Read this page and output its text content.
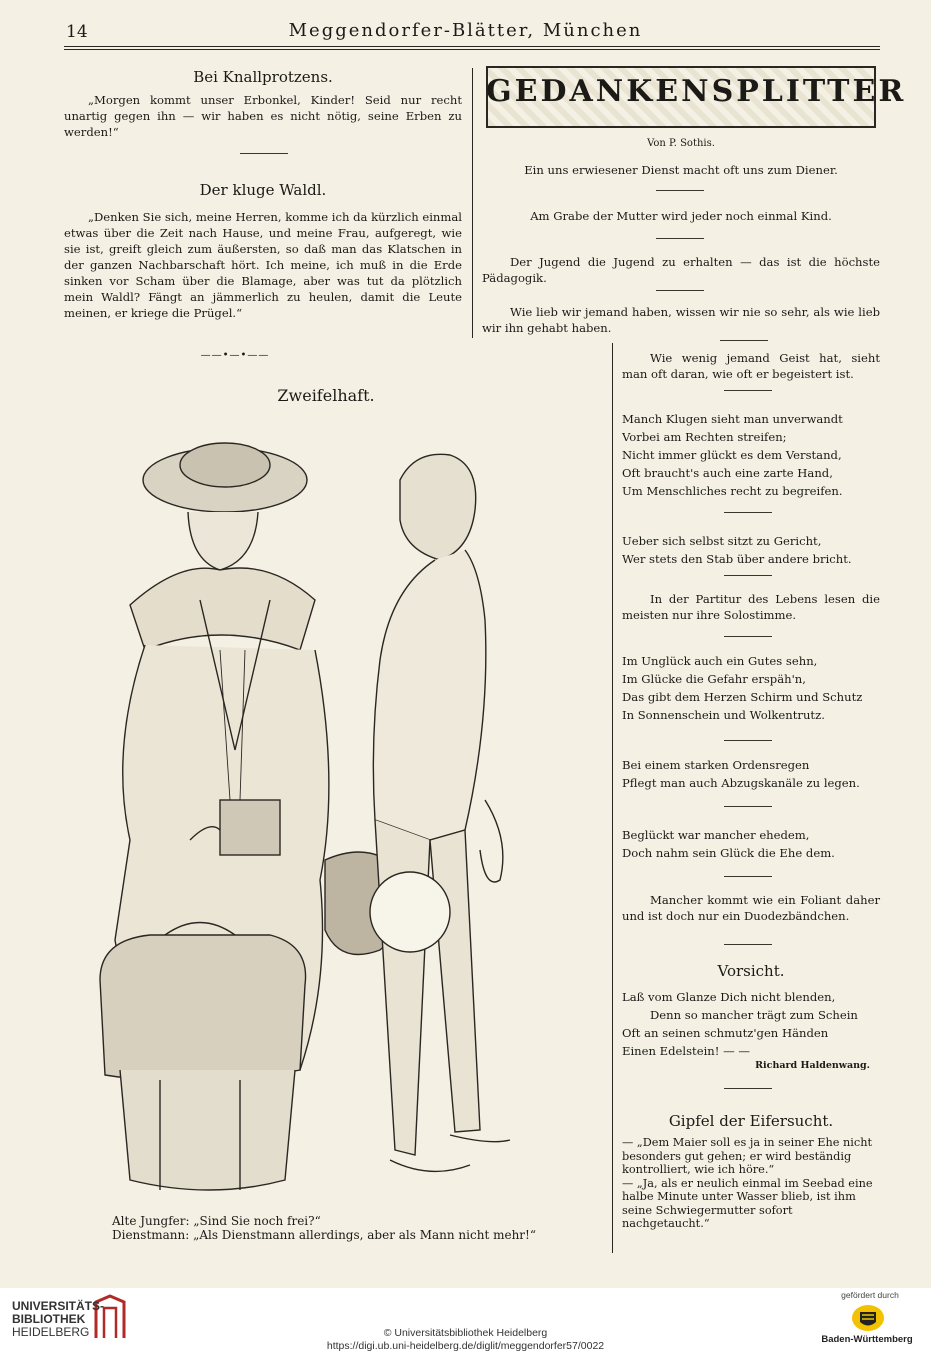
14	Meggendorfer-Blätter, München
Bei Knallprotzens.
„Morgen kommt unser Erbonkel, Kinder! Seid nur recht unartig gegen ihn — wir haben es nicht nötig, seine Erben zu werden!“
Der kluge Waldl.
„Denken Sie sich, meine Herren, komme ich da kürzlich einmal etwas über die Zeit nach Hause, und meine Frau, aufgeregt, wie sie ist, greift gleich zum äußersten, so daß man das Klatschen in der ganzen Nachbarschaft hört. Ich meine, ich muß in die Erde sinken vor Scham über die Blamage, aber was tut da plötzlich mein Waldl? Fängt an jämmerlich zu heulen, damit die Leute meinen, er kriege die Prügel.“
——•—•——
Zweifelhaft.
Alte Jungfer: „Sind Sie noch frei?“
Dienstmann: „Als Dienstmann allerdings, aber als Mann nicht mehr!“
GEDANKENSPLITTER
Von P. Sothis.
Ein uns erwiesener Dienst macht oft uns zum Diener.
Am Grabe der Mutter wird jeder noch einmal Kind.
Der Jugend die Jugend zu erhalten — das ist die höchste Pädagogik.
Wie lieb wir jemand haben, wissen wir nie so sehr, als wie lieb wir ihn gehabt haben.
Wie wenig jemand Geist hat, sieht man oft daran, wie oft er begeistert ist.
Manch Klugen sieht man unverwandt
Vorbei am Rechten streifen;
Nicht immer glückt es dem Verstand,
Oft braucht's auch eine zarte Hand,
Um Menschliches recht zu begreifen.
Ueber sich selbst sitzt zu Gericht,
Wer stets den Stab über andere bricht.
In der Partitur des Lebens lesen die meisten nur ihre Solostimme.
Im Unglück auch ein Gutes sehn,
Im Glücke die Gefahr erspäh'n,
Das gibt dem Herzen Schirm und Schutz
In Sonnenschein und Wolkentrutz.
Bei einem starken Ordensregen
Pflegt man auch Abzugskanäle zu legen.
Beglückt war mancher ehedem,
Doch nahm sein Glück die Ehe dem.
Mancher kommt wie ein Foliant daher und ist doch nur ein Duodezbändchen.
Vorsicht.
Laß vom Glanze Dich nicht blenden,
Denn so mancher trägt zum Schein
Oft an seinen schmutz'gen Händen
Einen Edelstein! — —
Richard Haldenwang.
Gipfel der Eifersucht.
— „Dem Maier soll es ja in seiner Ehe nicht besonders gut gehen; er wird beständig kontrolliert, wie ich höre.“
— „Ja, als er neulich einmal im Seebad eine halbe Minute unter Wasser blieb, ist ihm seine Schwiegermutter sofort nachgetaucht.“
UNIVERSITÄTS-
BIBLIOTHEK
HEIDELBERG	© Universitätsbibliothek Heidelberg
https://digi.ub.uni-heidelberg.de/diglit/meggendorfer57/0022
gefördert durch
Baden-Württemberg
